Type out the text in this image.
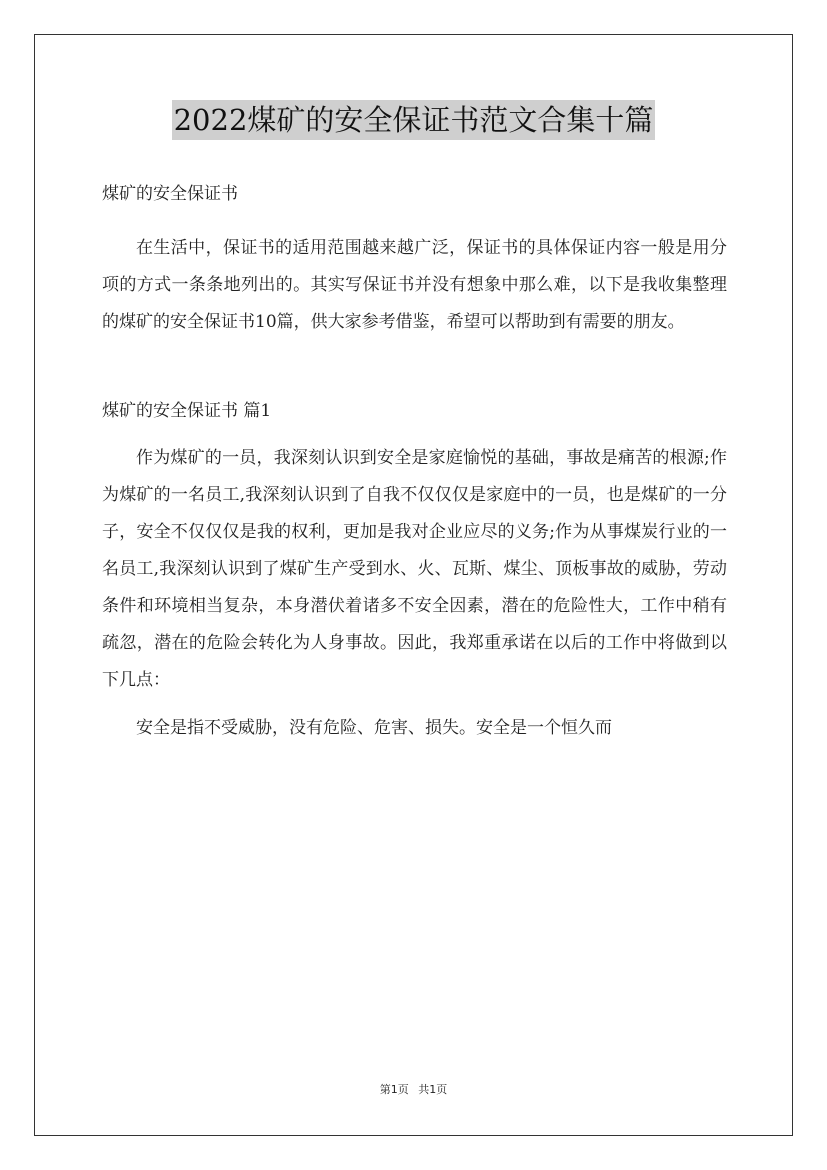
2022煤矿的安全保证书范文合集十篇

煤矿的安全保证书

在生活中，保证书的适用范围越来越广泛，保证书的具体保证内容一般是用分项的方式一条条地列出的。其实写保证书并没有想象中那么难，以下是我收集整理的煤矿的安全保证书10篇，供大家参考借鉴，希望可以帮助到有需要的朋友。

煤矿的安全保证书 篇1

作为煤矿的一员，我深刻认识到安全是家庭愉悦的基础，事故是痛苦的根源;作为煤矿的一名员工,我深刻认识到了自我不仅仅仅是家庭中的一员，也是煤矿的一分子，安全不仅仅仅是我的权利，更加是我对企业应尽的义务;作为从事煤炭行业的一名员工,我深刻认识到了煤矿生产受到水、火、瓦斯、煤尘、顶板事故的威胁，劳动条件和环境相当复杂，本身潜伏着诸多不安全因素，潜在的危险性大，工作中稍有疏忽，潜在的危险会转化为人身事故。因此，我郑重承诺在以后的工作中将做到以下几点：

安全是指不受威胁，没有危险、危害、损失。安全是一个恒久而

第1页 共1页
